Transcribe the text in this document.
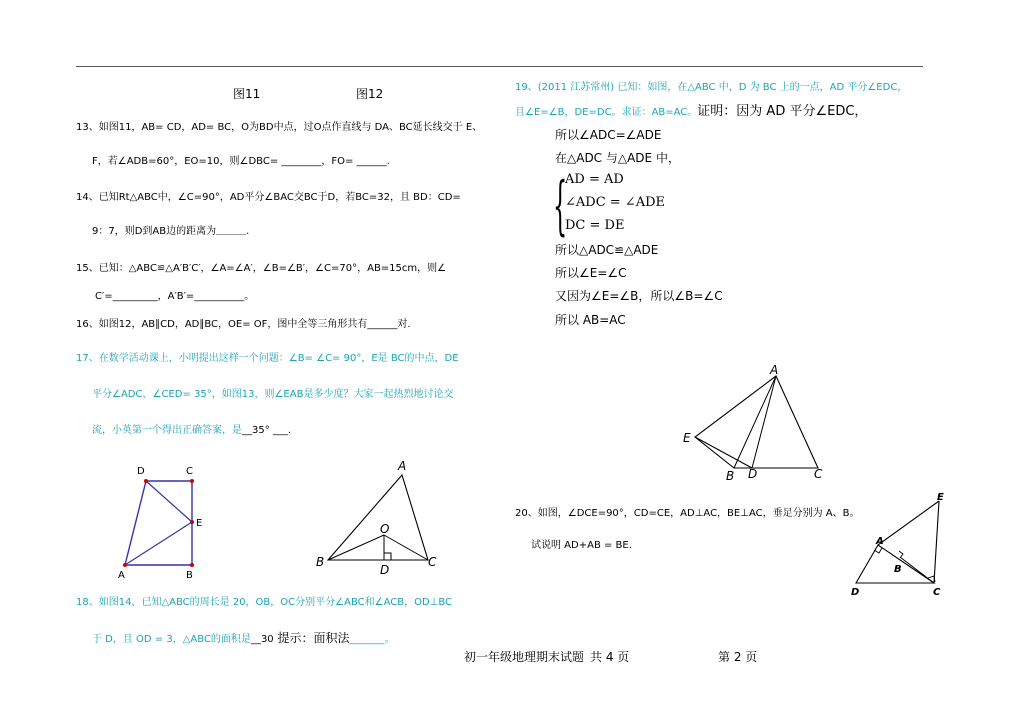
图11	图12
13、如图11，AB= CD，AD= BC，O为BD中点，过O点作直线与 DA、BC延长线交于 E、
F，若∠ADB=60°，EO=10，则∠DBC= ________，FO= ______.
14、已知Rt△ABC中，∠C=90°，AD平分∠BAC交BC于D，若BC=32，且 BD：CD=
9：7，则D到AB边的距离为＿＿＿.
15、已知：△ABC≌△A′B′C′，∠A=∠A′，∠B=∠B′，∠C=70°，AB=15cm，则∠
C′=_________，A′B′=__________。
16、如图12，AB∥CD，AD∥BC，OE= OF，图中全等三角形共有______对.
17、在数学活动课上，小明提出这样一个问题：∠B= ∠C= 90°，E是 BC的中点，DE
平分∠ADC，∠CED= 35°，如图13，则∠EAB是多少度？大家一起热烈地讨论交
流，小英第一个得出正确答案，是__35° ___.
D	C
E
A	B
A
O
B
D
C
18、如图14，已知△ABC的周长是 20，OB，OC分别平分∠ABC和∠ACB，OD⊥BC
于 D，且 OD = 3，△ABC的面积是__30 提示：面积法_______。
19、(2011 江苏常州) 已知：如图，在△ABC 中，D 为 BC 上的一点，AD 平分∠EDC，
且∠E=∠B，DE=DC。求证：AB=AC。证明：因为 AD 平分∠EDC，
所以∠ADC=∠ADE
在△ADC 与△ADE 中，
{
AD = AD
∠ADC = ∠ADE
DC = DE
所以△ADC≌△ADE
所以∠E=∠C
又因为∠E=∠B，所以∠B=∠C
所以 AB=AC
A
E
B D	C
20、如图，∠DCE=90°，CD=CE，AD⊥AC，BE⊥AC，垂足分别为 A、B。
试说明 AD+AB = BE.
E
A
B
D	C
初一年级地理期末试题 共 4 页	第 2 页
